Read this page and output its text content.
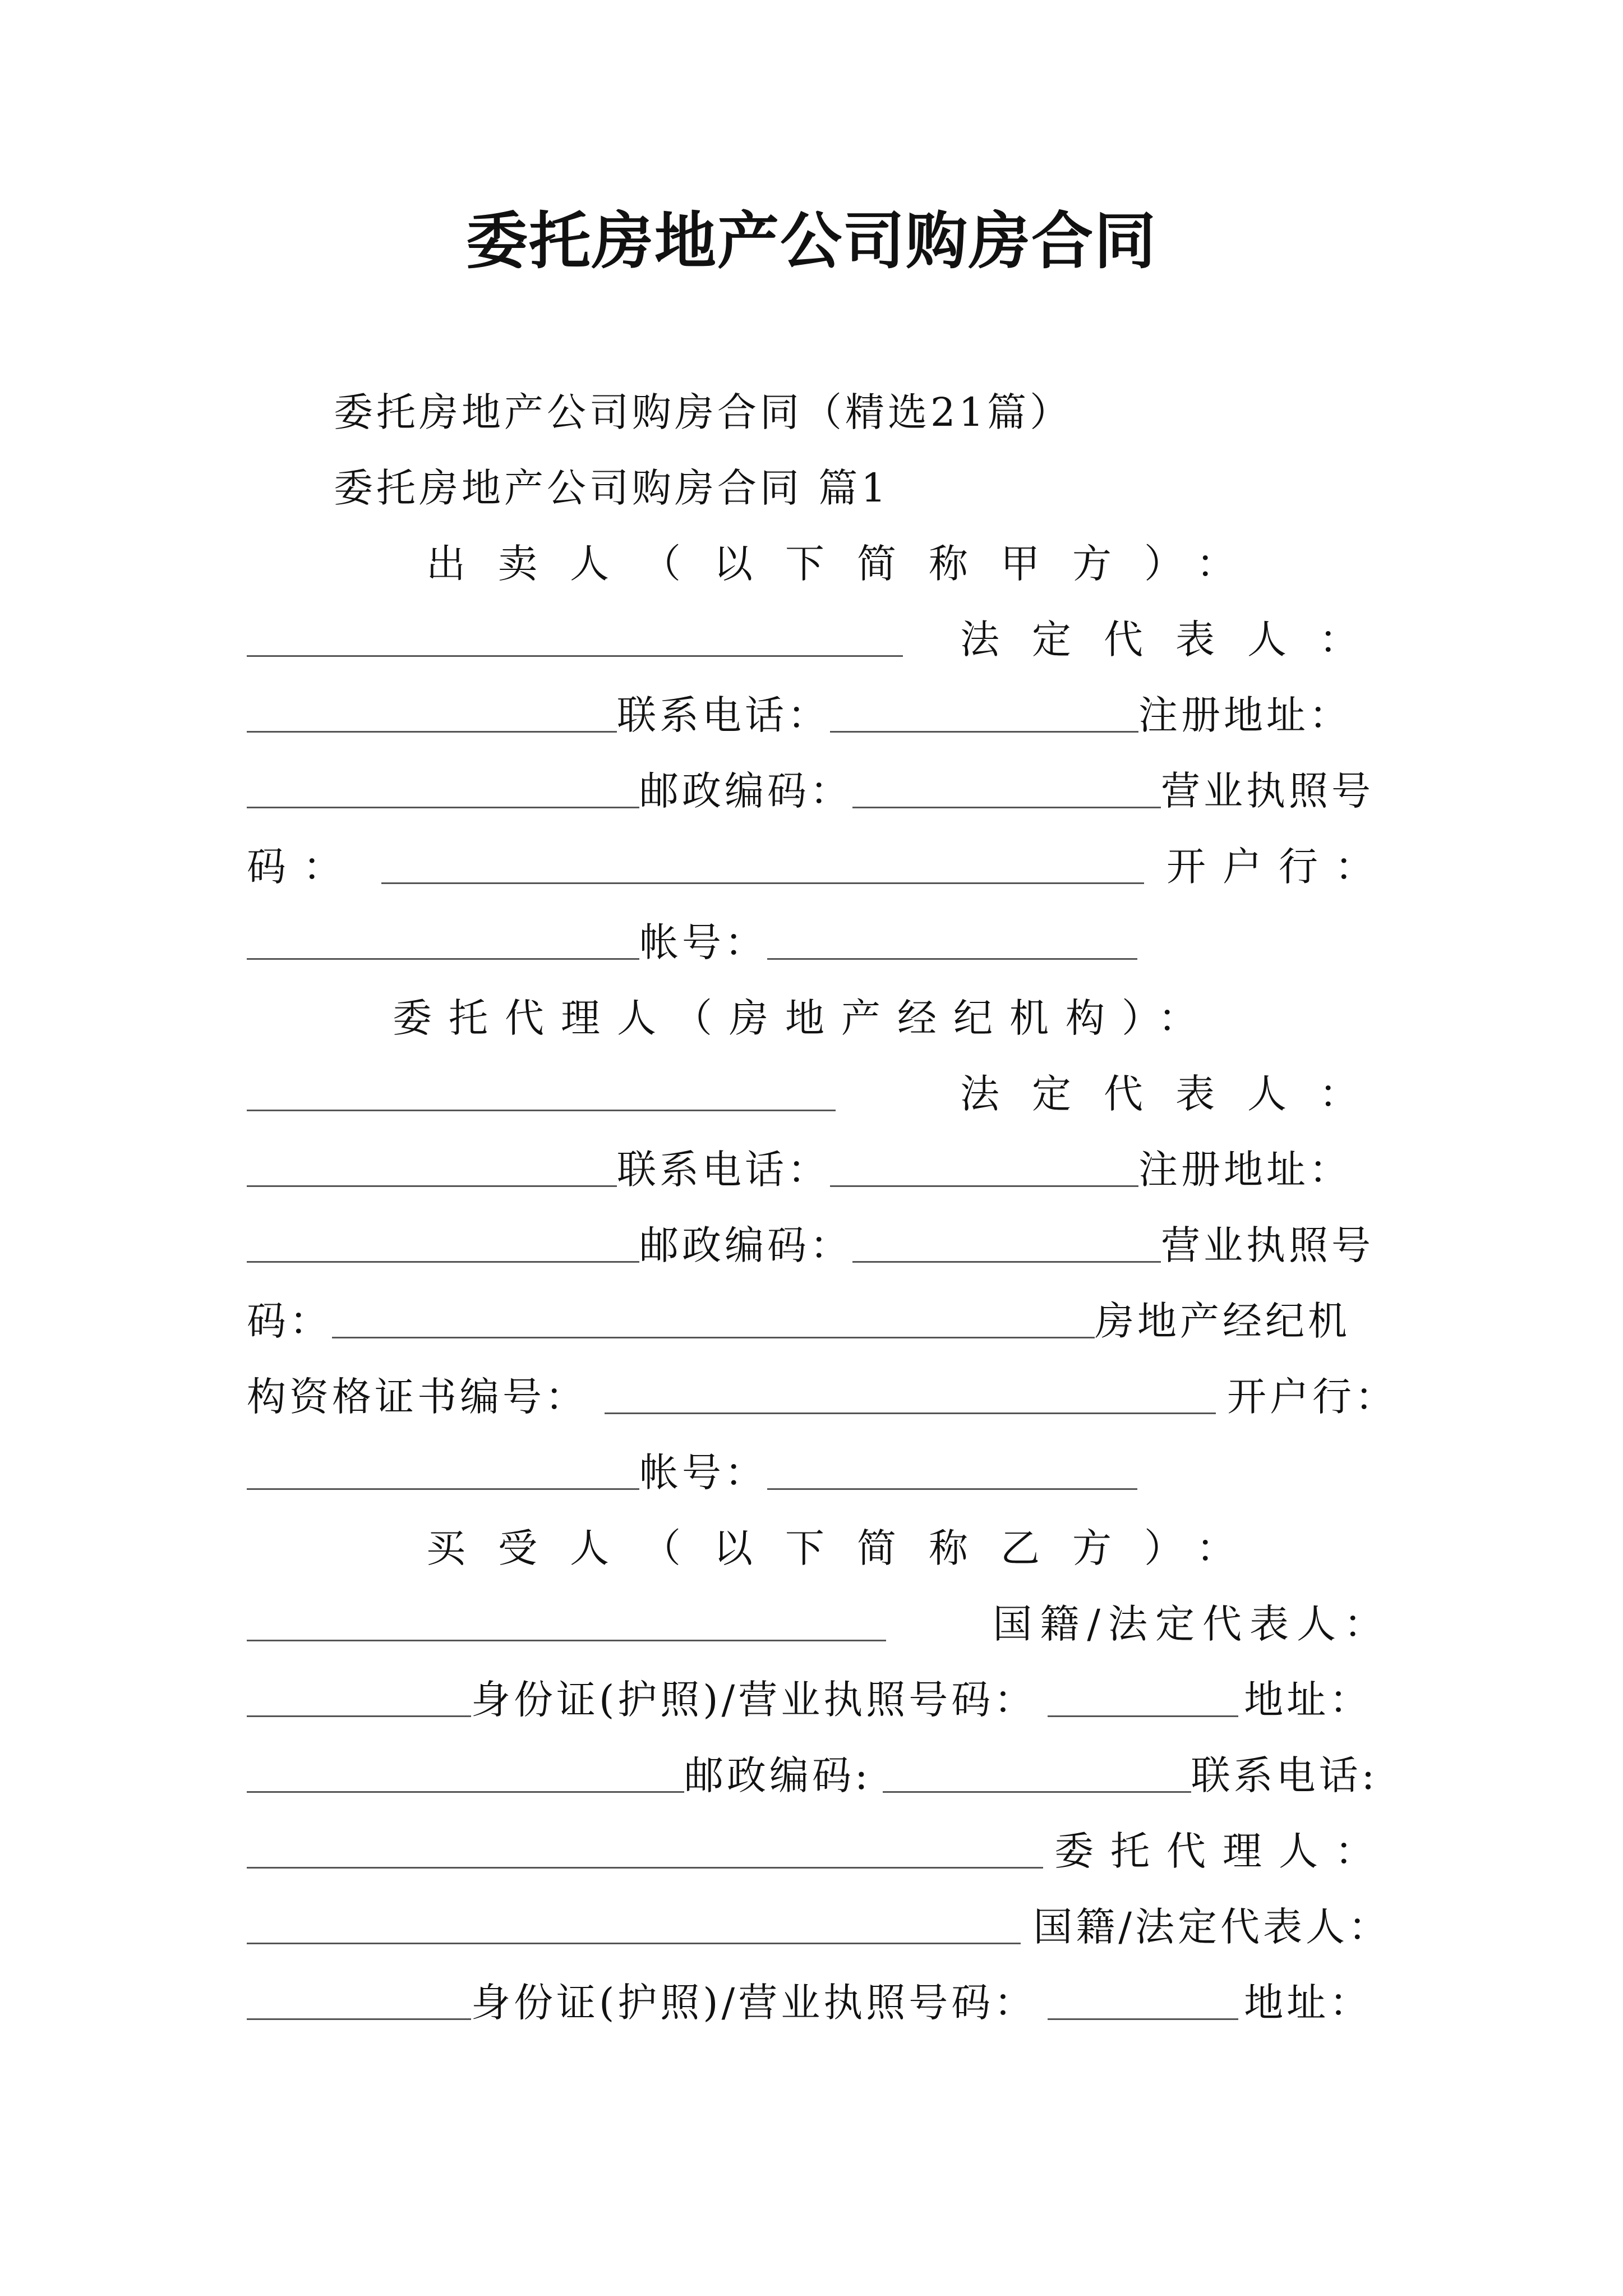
委托房地产公司购房合同
委托房地产公司购房合同（精选21篇）
委托房地产公司购房合同 篇1
出卖人（以下简称甲方）：
法定代表人：
联系电话：	注册地址：
邮政编码：	营业执照号
码：	开户行：
帐号：
委托代理人（房地产经纪机构）：
法定代表人：
联系电话：	注册地址：
邮政编码：	营业执照号
码：	房地产经纪机
构资格证书编号：	开户行：
帐号：
买受人（以下简称乙方）：
国籍/法定代表人：
身份证(护照)/营业执照号码：	地址：
邮政编码:	联系电话:
委托代理人：
国籍/法定代表人：
身份证(护照)/营业执照号码：	地址：
